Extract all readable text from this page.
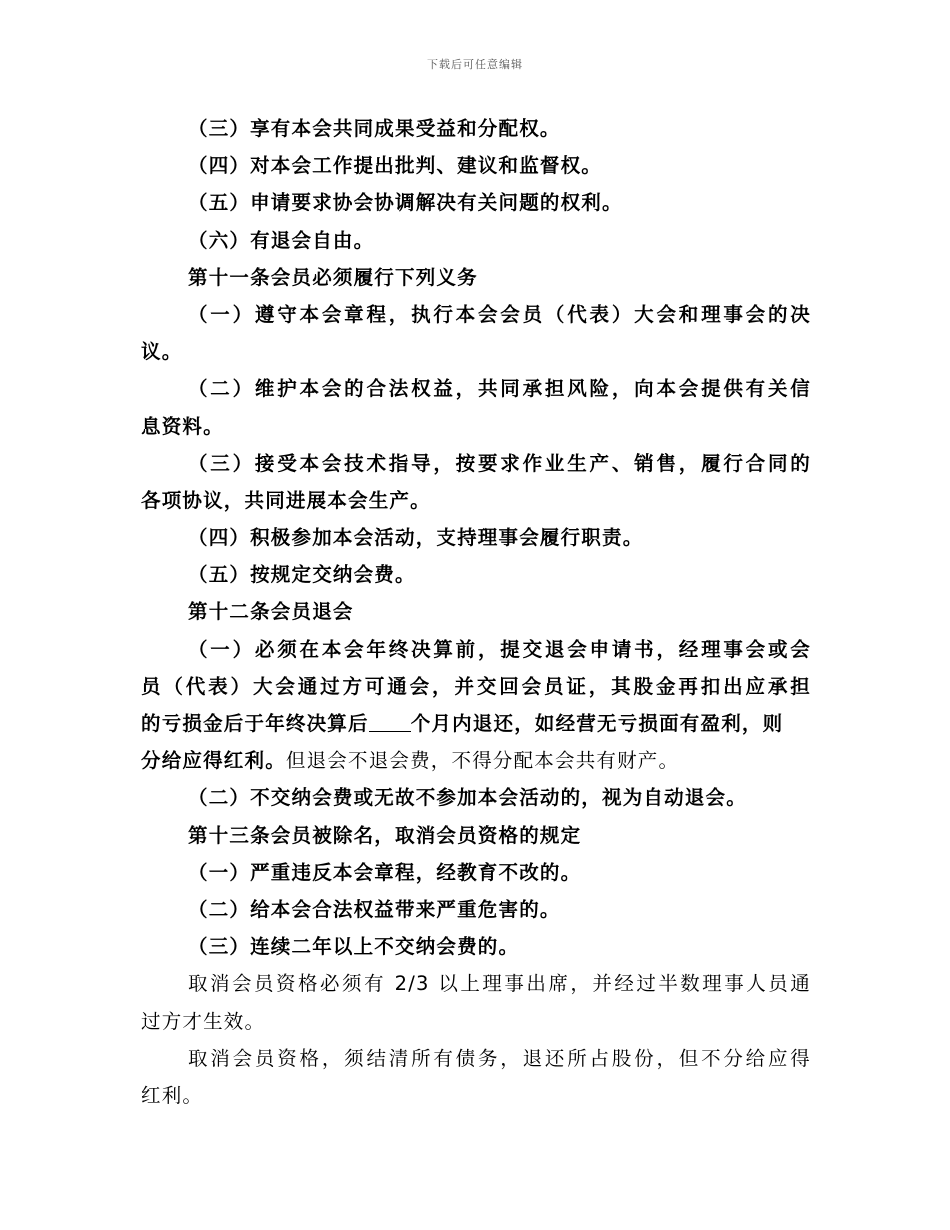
下载后可任意编辑
（三）享有本会共同成果受益和分配权。
（四）对本会工作提出批判、建议和监督权。
（五）申请要求协会协调解决有关问题的权利。
（六）有退会自由。
第十一条会员必须履行下列义务
（一）遵守本会章程，执行本会会员（代表）大会和理事会的决
议。
（二）维护本会的合法权益，共同承担风险，向本会提供有关信
息资料。
（三）接受本会技术指导，按要求作业生产、销售，履行合同的
各项协议，共同进展本会生产。
（四）积极参加本会活动，支持理事会履行职责。
（五）按规定交纳会费。
第十二条会员退会
（一）必须在本会年终决算前，提交退会申请书，经理事会或会
员（代表）大会通过方可通会，并交回会员证，其股金再扣出应承担
的亏损金后于年终决算后 个月内退还，如经营无亏损面有盈利，则
分给应得红利。但退会不退会费，不得分配本会共有财产。
（二）不交纳会费或无故不参加本会活动的，视为自动退会。
第十三条会员被除名，取消会员资格的规定
（一）严重违反本会章程，经教育不改的。
（二）给本会合法权益带来严重危害的。
（三）连续二年以上不交纳会费的。
取消会员资格必须有 2/3 以上理事出席，并经过半数理事人员通
过方才生效。
取消会员资格，须结清所有债务，退还所占股份，但不分给应得
红利。
